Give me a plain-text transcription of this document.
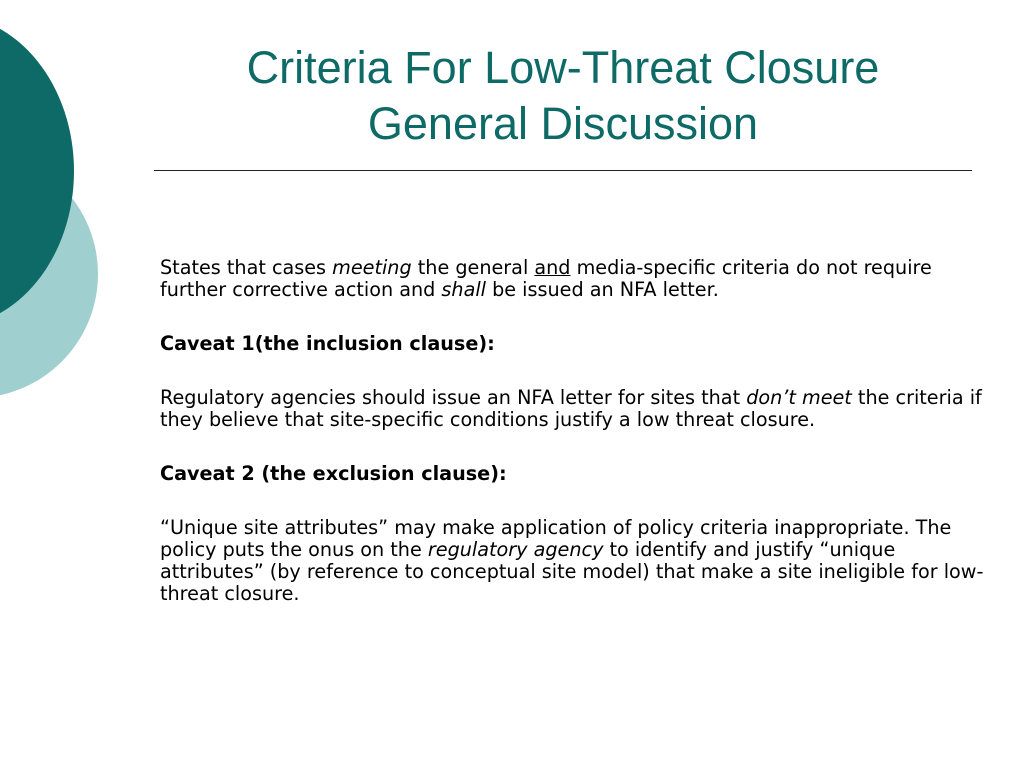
Criteria For Low-Threat Closure
General Discussion

States that cases meeting the general and media-specific criteria do not require further corrective action and shall be issued an NFA letter.

Caveat 1(the inclusion clause):

Regulatory agencies should issue an NFA letter for sites that don’t meet the criteria if they believe that site-specific conditions justify a low threat closure.

Caveat 2 (the exclusion clause):

“Unique site attributes” may make application of policy criteria inappropriate. The policy puts the onus on the regulatory agency to identify and justify “unique attributes” (by reference to conceptual site model) that make a site ineligible for low-threat closure.
